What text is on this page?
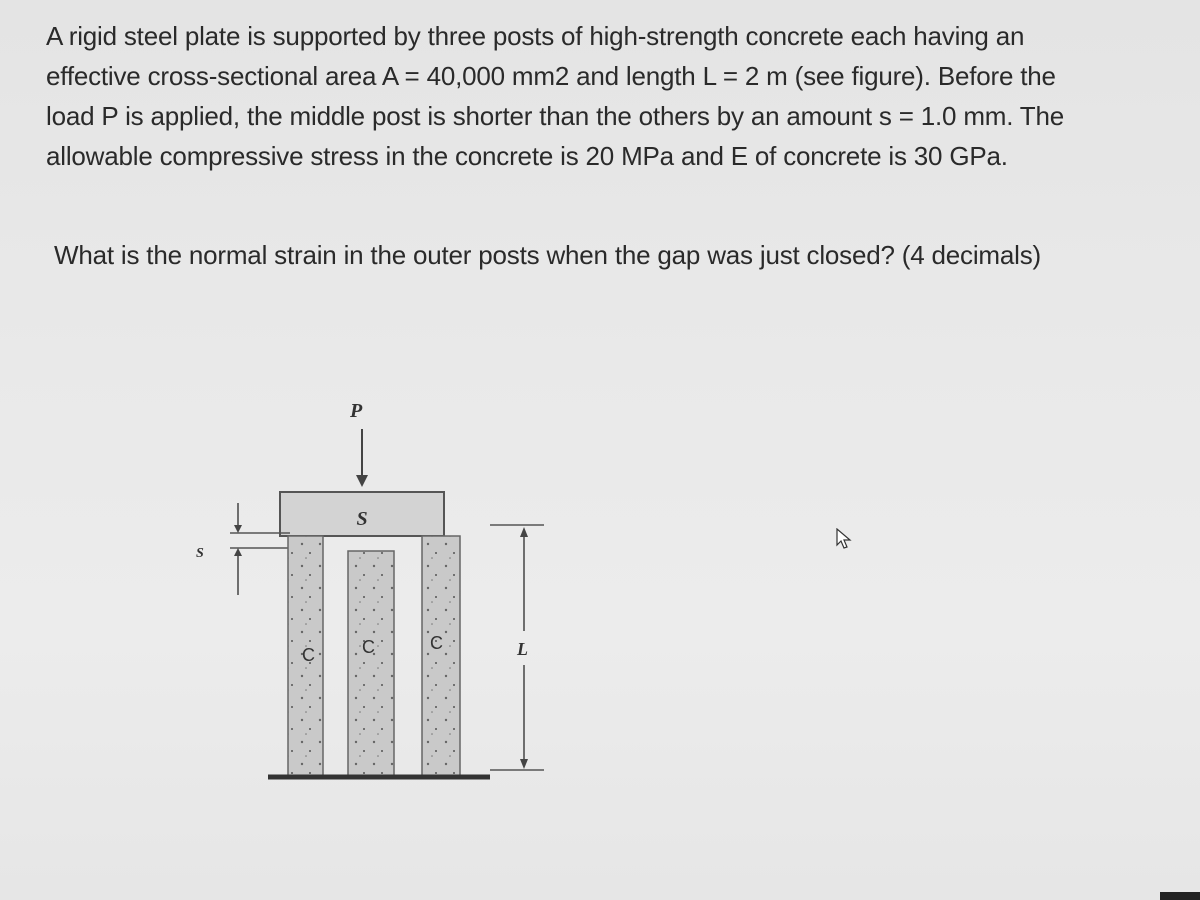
A rigid steel plate is supported by three posts of high-strength concrete each having an
effective cross-sectional area A = 40,000 mm2 and length L = 2 m (see figure). Before the
load P is applied, the middle post is shorter than the others by an amount s = 1.0 mm. The
allowable compressive stress in the concrete is 20 MPa and E of concrete is 30 GPa.

What is the normal strain in the outer posts when the gap was just closed? (4 decimals)
P
S
S
C	C	C	L
